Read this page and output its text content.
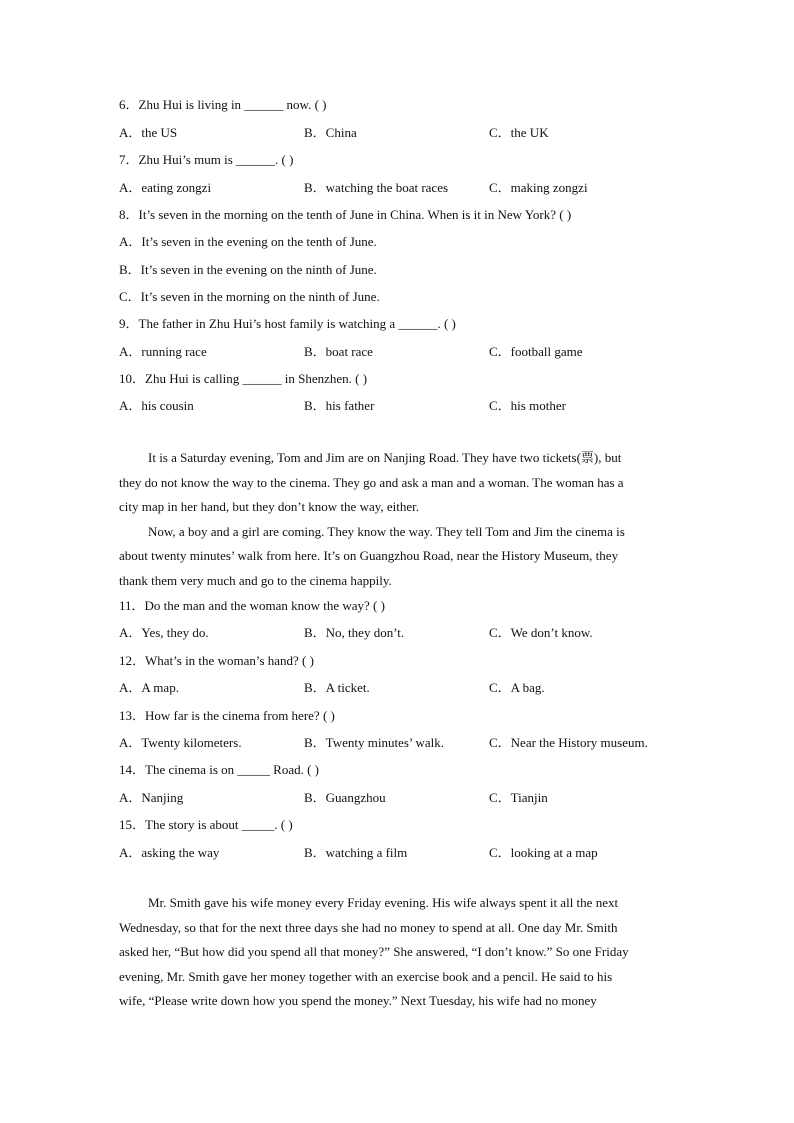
6．Zhu Hui is living in ______ now. ( )
A．the US	B．China	C．the UK
7．Zhu Hui’s mum is ______. ( )
A．eating zongzi	B．watching the boat races	C．making zongzi
8．It’s seven in the morning on the tenth of June in China. When is it in New York? ( )
A．It’s seven in the evening on the tenth of June.
B．It’s seven in the evening on the ninth of June.
C．It’s seven in the morning on the ninth of June.
9．The father in Zhu Hui’s host family is watching a ______. ( )
A．running race	B．boat race	C．football game
10．Zhu Hui is calling ______ in Shenzhen. ( )
A．his cousin	B．his father	C．his mother
It is a Saturday evening, Tom and Jim are on Nanjing Road. They have two tickets(票), but
they do not know the way to the cinema. They go and ask a man and a woman. The woman has a
city map in her hand, but they don’t know the way, either.
Now, a boy and a girl are coming. They know the way. They tell Tom and Jim the cinema is
about twenty minutes’ walk from here. It’s on Guangzhou Road, near the History Museum, they
thank them very much and go to the cinema happily.
11．Do the man and the woman know the way? ( )
A．Yes, they do.	B．No, they don’t.	C．We don’t know.
12．What’s in the woman’s hand? ( )
A．A map.	B．A ticket.	C．A bag.
13．How far is the cinema from here? ( )
A．Twenty kilometers.	B．Twenty minutes’ walk.	C．Near the History museum.
14．The cinema is on _____ Road. ( )
A．Nanjing	B．Guangzhou	C．Tianjin
15．The story is about _____. ( )
A．asking the way	B．watching a film	C．looking at a map
Mr. Smith gave his wife money every Friday evening. His wife always spent it all the next
Wednesday, so that for the next three days she had no money to spend at all. One day Mr. Smith
asked her, “But how did you spend all that money?” She answered, “I don’t know.” So one Friday
evening, Mr. Smith gave her money together with an exercise book and a pencil. He said to his
wife, “Please write down how you spend the money.” Next Tuesday, his wife had no money
